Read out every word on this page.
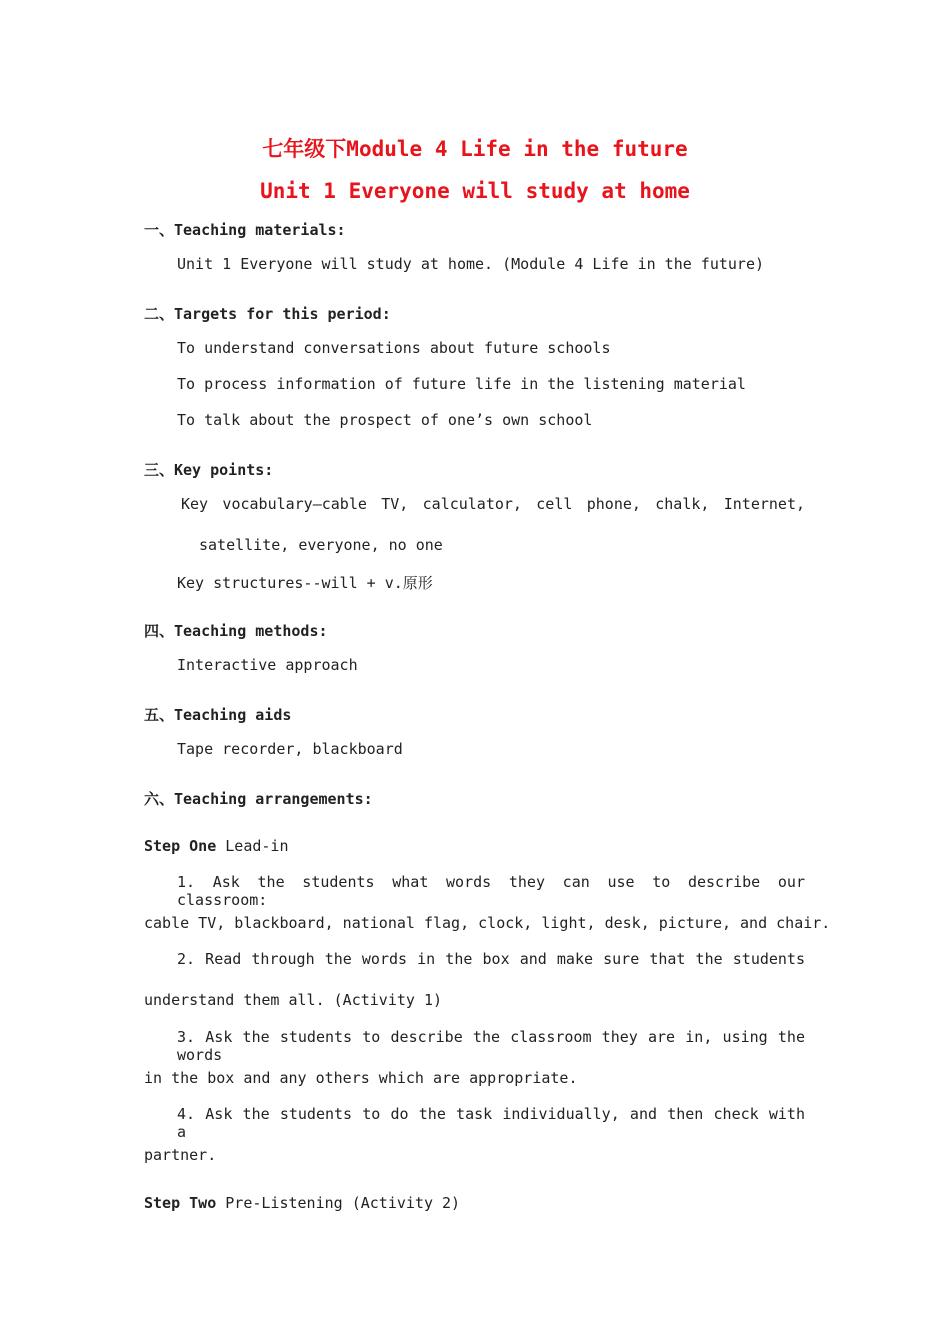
七年级下Module 4 Life in the future
Unit 1 Everyone will study at home
一、Teaching materials:
Unit 1 Everyone will study at home. (Module 4 Life in the future)
二、Targets for this period:
To understand conversations about future schools
To process information of future life in the listening material
To talk about the prospect of one’s own school
三、Key points:
Key vocabulary—cable TV, calculator, cell phone, chalk, Internet,
satellite, everyone, no one
Key structures--will + v.原形
四、Teaching methods:
Interactive approach
五、Teaching aids
Tape recorder, blackboard
六、Teaching arrangements:
Step One Lead-in
1. Ask the students what words they can use to describe our classroom:
cable TV, blackboard, national flag, clock, light, desk, picture, and chair.
2. Read through the words in the box and make sure that the students
understand them all. (Activity 1)
3. Ask the students to describe the classroom they are in, using the words
in the box and any others which are appropriate.
4. Ask the students to do the task individually, and then check with a
partner.
Step Two Pre-Listening (Activity 2)
